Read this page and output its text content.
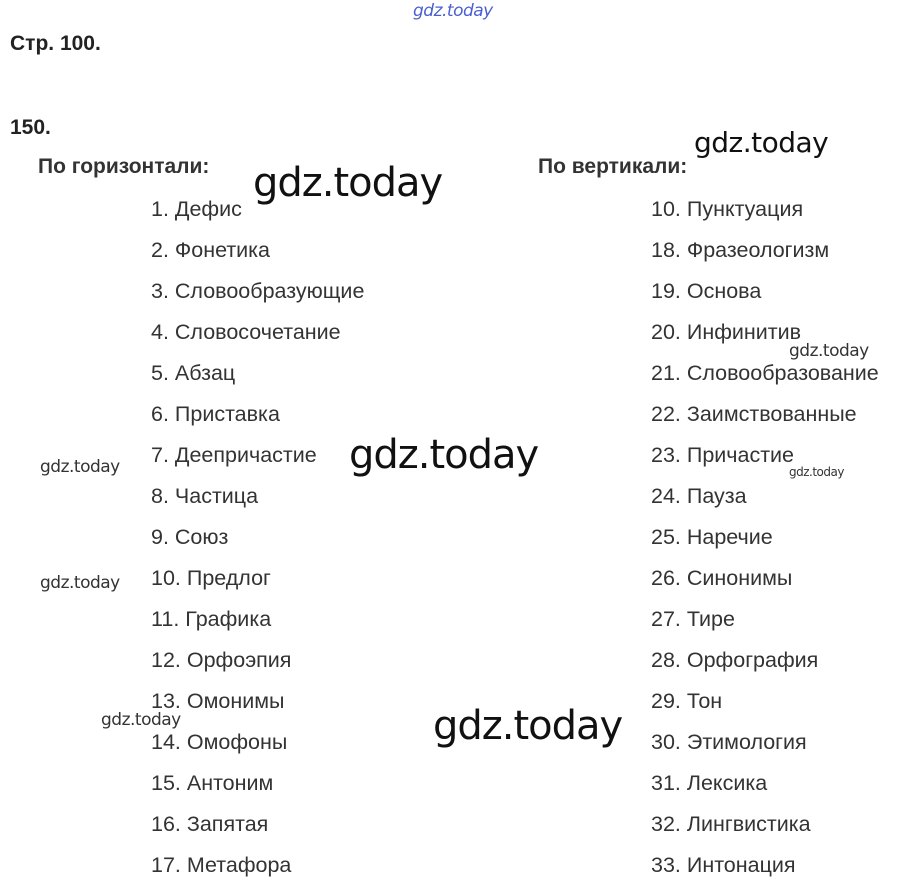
gdz.today
Стр. 100.
150.
По горизонтали:	По вертикали:
1. Дефис
2. Фонетика
3. Словообразующие
4. Словосочетание
5. Абзац
6. Приставка
7. Деепричастие
8. Частица
9. Союз
10. Предлог
11. Графика
12. Орфоэпия
13. Омонимы
14. Омофоны
15. Антоним
16. Запятая
17. Метафора
10. Пунктуация
18. Фразеологизм
19. Основа
20. Инфинитив
21. Словообразование
22. Заимствованные
23. Причастие
24. Пауза
25. Наречие
26. Синонимы
27. Тире
28. Орфография
29. Тон
30. Этимология
31. Лексика
32. Лингвистика
33. Интонация
gdz.today
gdz.today
gdz.today
gdz.today
gdz.today	gdz.today
gdz.today
gdz.today	gdz.today
